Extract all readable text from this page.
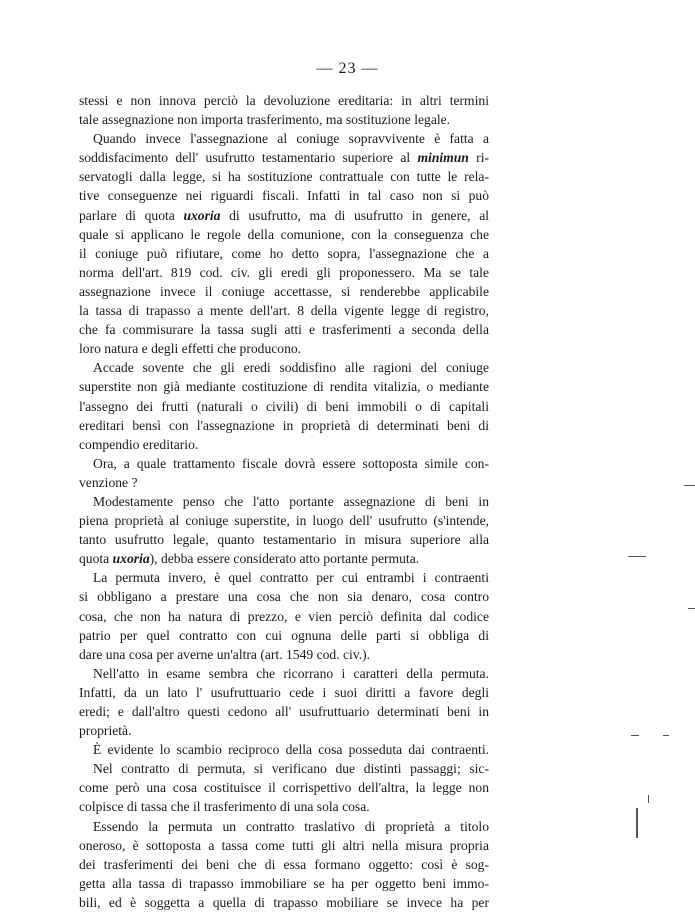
— 23 —
stessi e non innova perciò la devoluzione ereditaria: in altri termini
tale assegnazione non importa trasferimento, ma sostituzione legale.
Quando invece l'assegnazione al coniuge sopravvivente è fatta a
soddisfacimento dell' usufrutto testamentario superiore al minimun ri-
servatogli dalla legge, si ha sostituzione contrattuale con tutte le rela-
tive conseguenze nei riguardi fiscali. Infatti in tal caso non si può
parlare di quota uxoria di usufrutto, ma di usufrutto in genere, al
quale si applicano le regole della comunione, con la conseguenza che
il coniuge può rifiutare, come ho detto sopra, l'assegnazione che a
norma dell'art. 819 cod. civ. gli eredi gli proponessero. Ma se tale
assegnazione invece il coniuge accettasse, si renderebbe applicabile
la tassa di trapasso a mente dell'art. 8 della vigente legge di registro,
che fa commisurare la tassa sugli atti e trasferimenti a seconda della
loro natura e degli effetti che producono.
Accade sovente che gli eredi soddisfino alle ragioni del coniuge
superstite non già mediante costituzione di rendita vitalizia, o mediante
l'assegno dei frutti (naturali o civili) di beni immobili o di capitali
ereditari bensì con l'assegnazione in proprietà di determinati beni di
compendio ereditario.
Ora, a quale trattamento fiscale dovrà essere sottoposta simile con-
venzione ?
Modestamente penso che l'atto portante assegnazione di beni in
piena proprietà al coniuge superstite, in luogo dell' usufrutto (s'intende,
tanto usufrutto legale, quanto testamentario in misura superiore alla
quota uxoria), debba essere considerato atto portante permuta.
La permuta invero, è quel contratto per cui entrambi i contraenti
si obbligano a prestare una cosa che non sia denaro, cosa contro
cosa, che non ha natura di prezzo, e vien perciò definita dal codice
patrio per quel contratto con cui ognuna delle parti si obbliga di
dare una cosa per averne un'altra (art. 1549 cod. civ.).
Nell'atto in esame sembra che ricorrano i caratteri della permuta.
Infatti, da un lato l' usufruttuario cede i suoi diritti a favore degli
eredi; e dall'altro questi cedono all' usufruttuario determinati beni in
proprietà.
È evidente lo scambio reciproco della cosa posseduta dai contraenti.
Nel contratto di permuta, si verificano due distinti passaggi; sic-
come però una cosa costituisce il corrispettivo dell'altra, la legge non
colpisce di tassa che il trasferimento di una sola cosa.
Essendo la permuta un contratto traslativo di proprietà a titolo
oneroso, è sottoposta a tassa come tutti gli altri nella misura propria
dei trasferimenti dei beni che di essa formano oggetto: così è sog-
getta alla tassa di trapasso immobiliare se ha per oggetto beni immo-
bili, ed è soggetta a quella di trapasso mobiliare se invece ha per
